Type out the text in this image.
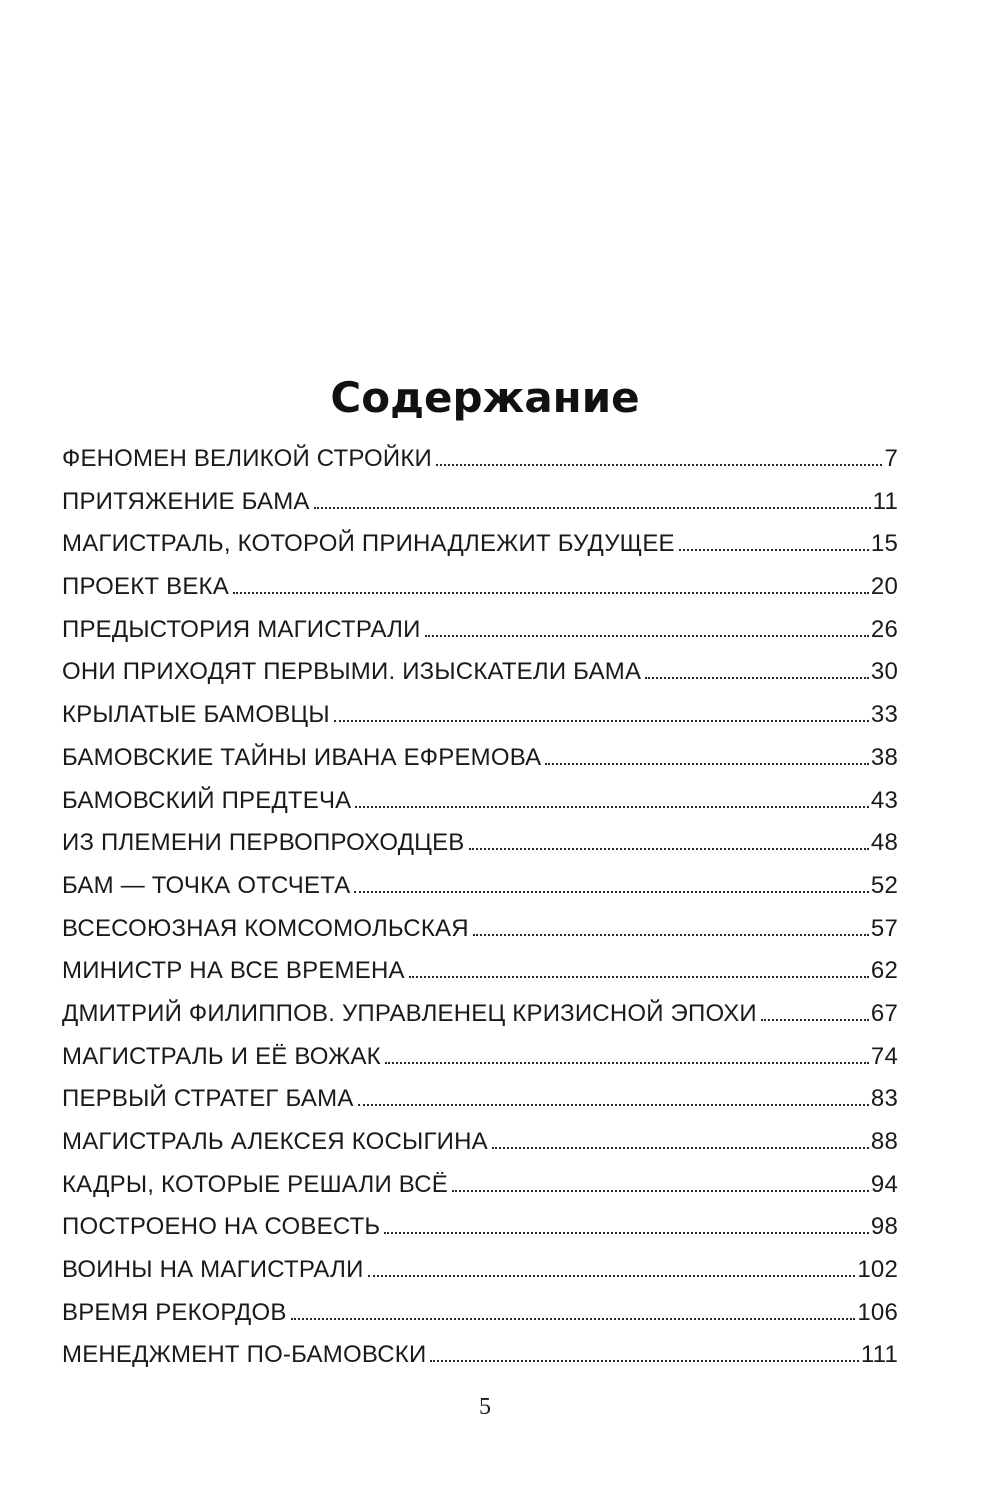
Содержание
ФЕНОМЕН ВЕЛИКОЙ СТРОЙКИ	7
ПРИТЯЖЕНИЕ БАМА	11
МАГИСТРАЛЬ, КОТОРОЙ ПРИНАДЛЕЖИТ БУДУЩЕЕ	15
ПРОЕКТ ВЕКА	20
ПРЕДЫСТОРИЯ МАГИСТРАЛИ	26
ОНИ ПРИХОДЯТ ПЕРВЫМИ. ИЗЫСКАТЕЛИ БАМА	30
КРЫЛАТЫЕ БАМОВЦЫ	33
БАМОВСКИЕ ТАЙНЫ ИВАНА ЕФРЕМОВА	38
БАМОВСКИЙ ПРЕДТЕЧА	43
ИЗ ПЛЕМЕНИ ПЕРВОПРОХОДЦЕВ	48
БАМ — ТОЧКА ОТСЧЕТА	52
ВСЕСОЮЗНАЯ КОМСОМОЛЬСКАЯ	57
МИНИСТР НА ВСЕ ВРЕМЕНА	62
ДМИТРИЙ ФИЛИППОВ. УПРАВЛЕНЕЦ КРИЗИСНОЙ ЭПОХИ	67
МАГИСТРАЛЬ И ЕЁ ВОЖАК	74
ПЕРВЫЙ СТРАТЕГ БАМА	83
МАГИСТРАЛЬ АЛЕКСЕЯ КОСЫГИНА	88
КАДРЫ, КОТОРЫЕ РЕШАЛИ ВСЁ	94
ПОСТРОЕНО НА СОВЕСТЬ	98
ВОИНЫ НА МАГИСТРАЛИ	102
ВРЕМЯ РЕКОРДОВ	106
МЕНЕДЖМЕНТ ПО-БАМОВСКИ	111
5
